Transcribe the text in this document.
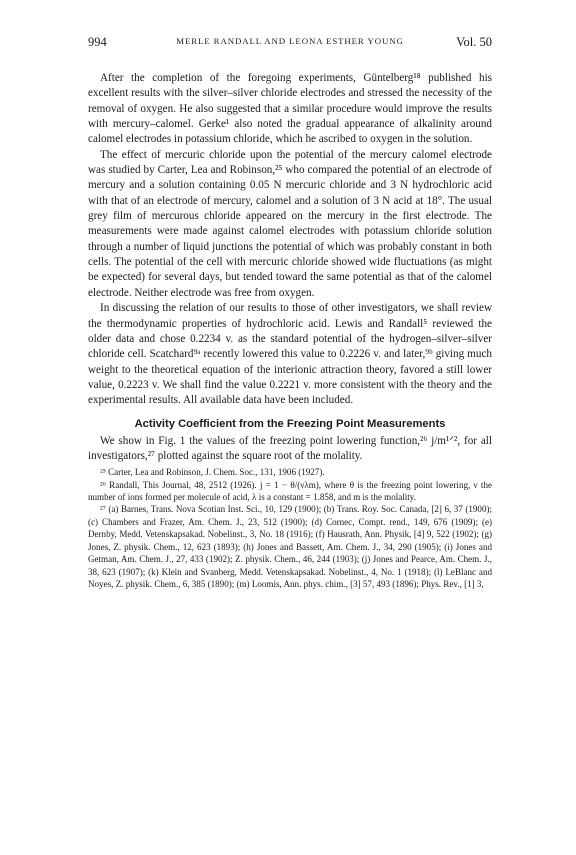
994	MERLE RANDALL AND LEONA ESTHER YOUNG	Vol. 50

After the completion of the foregoing experiments, Güntelberg¹⁸ published his excellent results with the silver–silver chloride electrodes and stressed the necessity of the removal of oxygen. He also suggested that a similar procedure would improve the results with mercury–calomel. Gerke¹ also noted the gradual appearance of alkalinity around calomel electrodes in potassium chloride, which he ascribed to oxygen in the solution.

The effect of mercuric chloride upon the potential of the mercury calomel electrode was studied by Carter, Lea and Robinson,²⁵ who compared the potential of an electrode of mercury and a solution containing 0.05 N mercuric chloride and 3 N hydrochloric acid with that of an electrode of mercury, calomel and a solution of 3 N acid at 18°. The usual grey film of mercurous chloride appeared on the mercury in the first electrode. The measurements were made against calomel electrodes with potassium chloride solution through a number of liquid junctions the potential of which was probably constant in both cells. The potential of the cell with mercuric chloride showed wide fluctuations (as might be expected) for several days, but tended toward the same potential as that of the calomel electrode. Neither electrode was free from oxygen.

In discussing the relation of our results to those of other investigators, we shall review the thermodynamic properties of hydrochloric acid. Lewis and Randall⁵ reviewed the older data and chose 0.2234 v. as the standard potential of the hydrogen–silver–silver chloride cell. Scatchard⁹ᵃ recently lowered this value to 0.2226 v. and later,⁹ᵇ giving much weight to the theoretical equation of the interionic attraction theory, favored a still lower value, 0.2223 v. We shall find the value 0.2221 v. more consistent with the theory and the experimental results. All available data have been included.

Activity Coefficient from the Freezing Point Measurements

We show in Fig. 1 the values of the freezing point lowering function,²⁶ j/m¹ᐟ², for all investigators,²⁷ plotted against the square root of the molality.

²⁵ Carter, Lea and Robinson, J. Chem. Soc., 131, 1906 (1927).

²⁶ Randall, This Journal, 48, 2512 (1926). j = 1 − θ/(νλm), where θ is the freezing point lowering, ν the number of ions formed per molecule of acid, λ is a constant = 1.858, and m is the molality.

²⁷ (a) Barnes, Trans. Nova Scotian Inst. Sci., 10, 129 (1900); (b) Trans. Roy. Soc. Canada, [2] 6, 37 (1900); (c) Chambers and Frazer, Am. Chem. J., 23, 512 (1900); (d) Cornec, Compt. rend., 149, 676 (1909); (e) Dernby, Medd. Vetenskapsakad. Nobelinst., 3, No. 18 (1916); (f) Hausrath, Ann. Physik, [4] 9, 522 (1902); (g) Jones, Z. physik. Chem., 12, 623 (1893); (h) Jones and Bassett, Am. Chem. J., 34, 290 (1905); (i) Jones and Getman, Am. Chem. J., 27, 433 (1902); Z. physik. Chem., 46, 244 (1903); (j) Jones and Pearce, Am. Chem. J., 38, 623 (1907); (k) Klein and Svanberg, Medd. Vetenskapsakad. Nobelinst., 4, No. 1 (1918); (l) LeBlanc and Noyes, Z. physik. Chem., 6, 385 (1890); (m) Loomis, Ann. phys. chim., [3] 57, 493 (1896); Phys. Rev., [1] 3,
